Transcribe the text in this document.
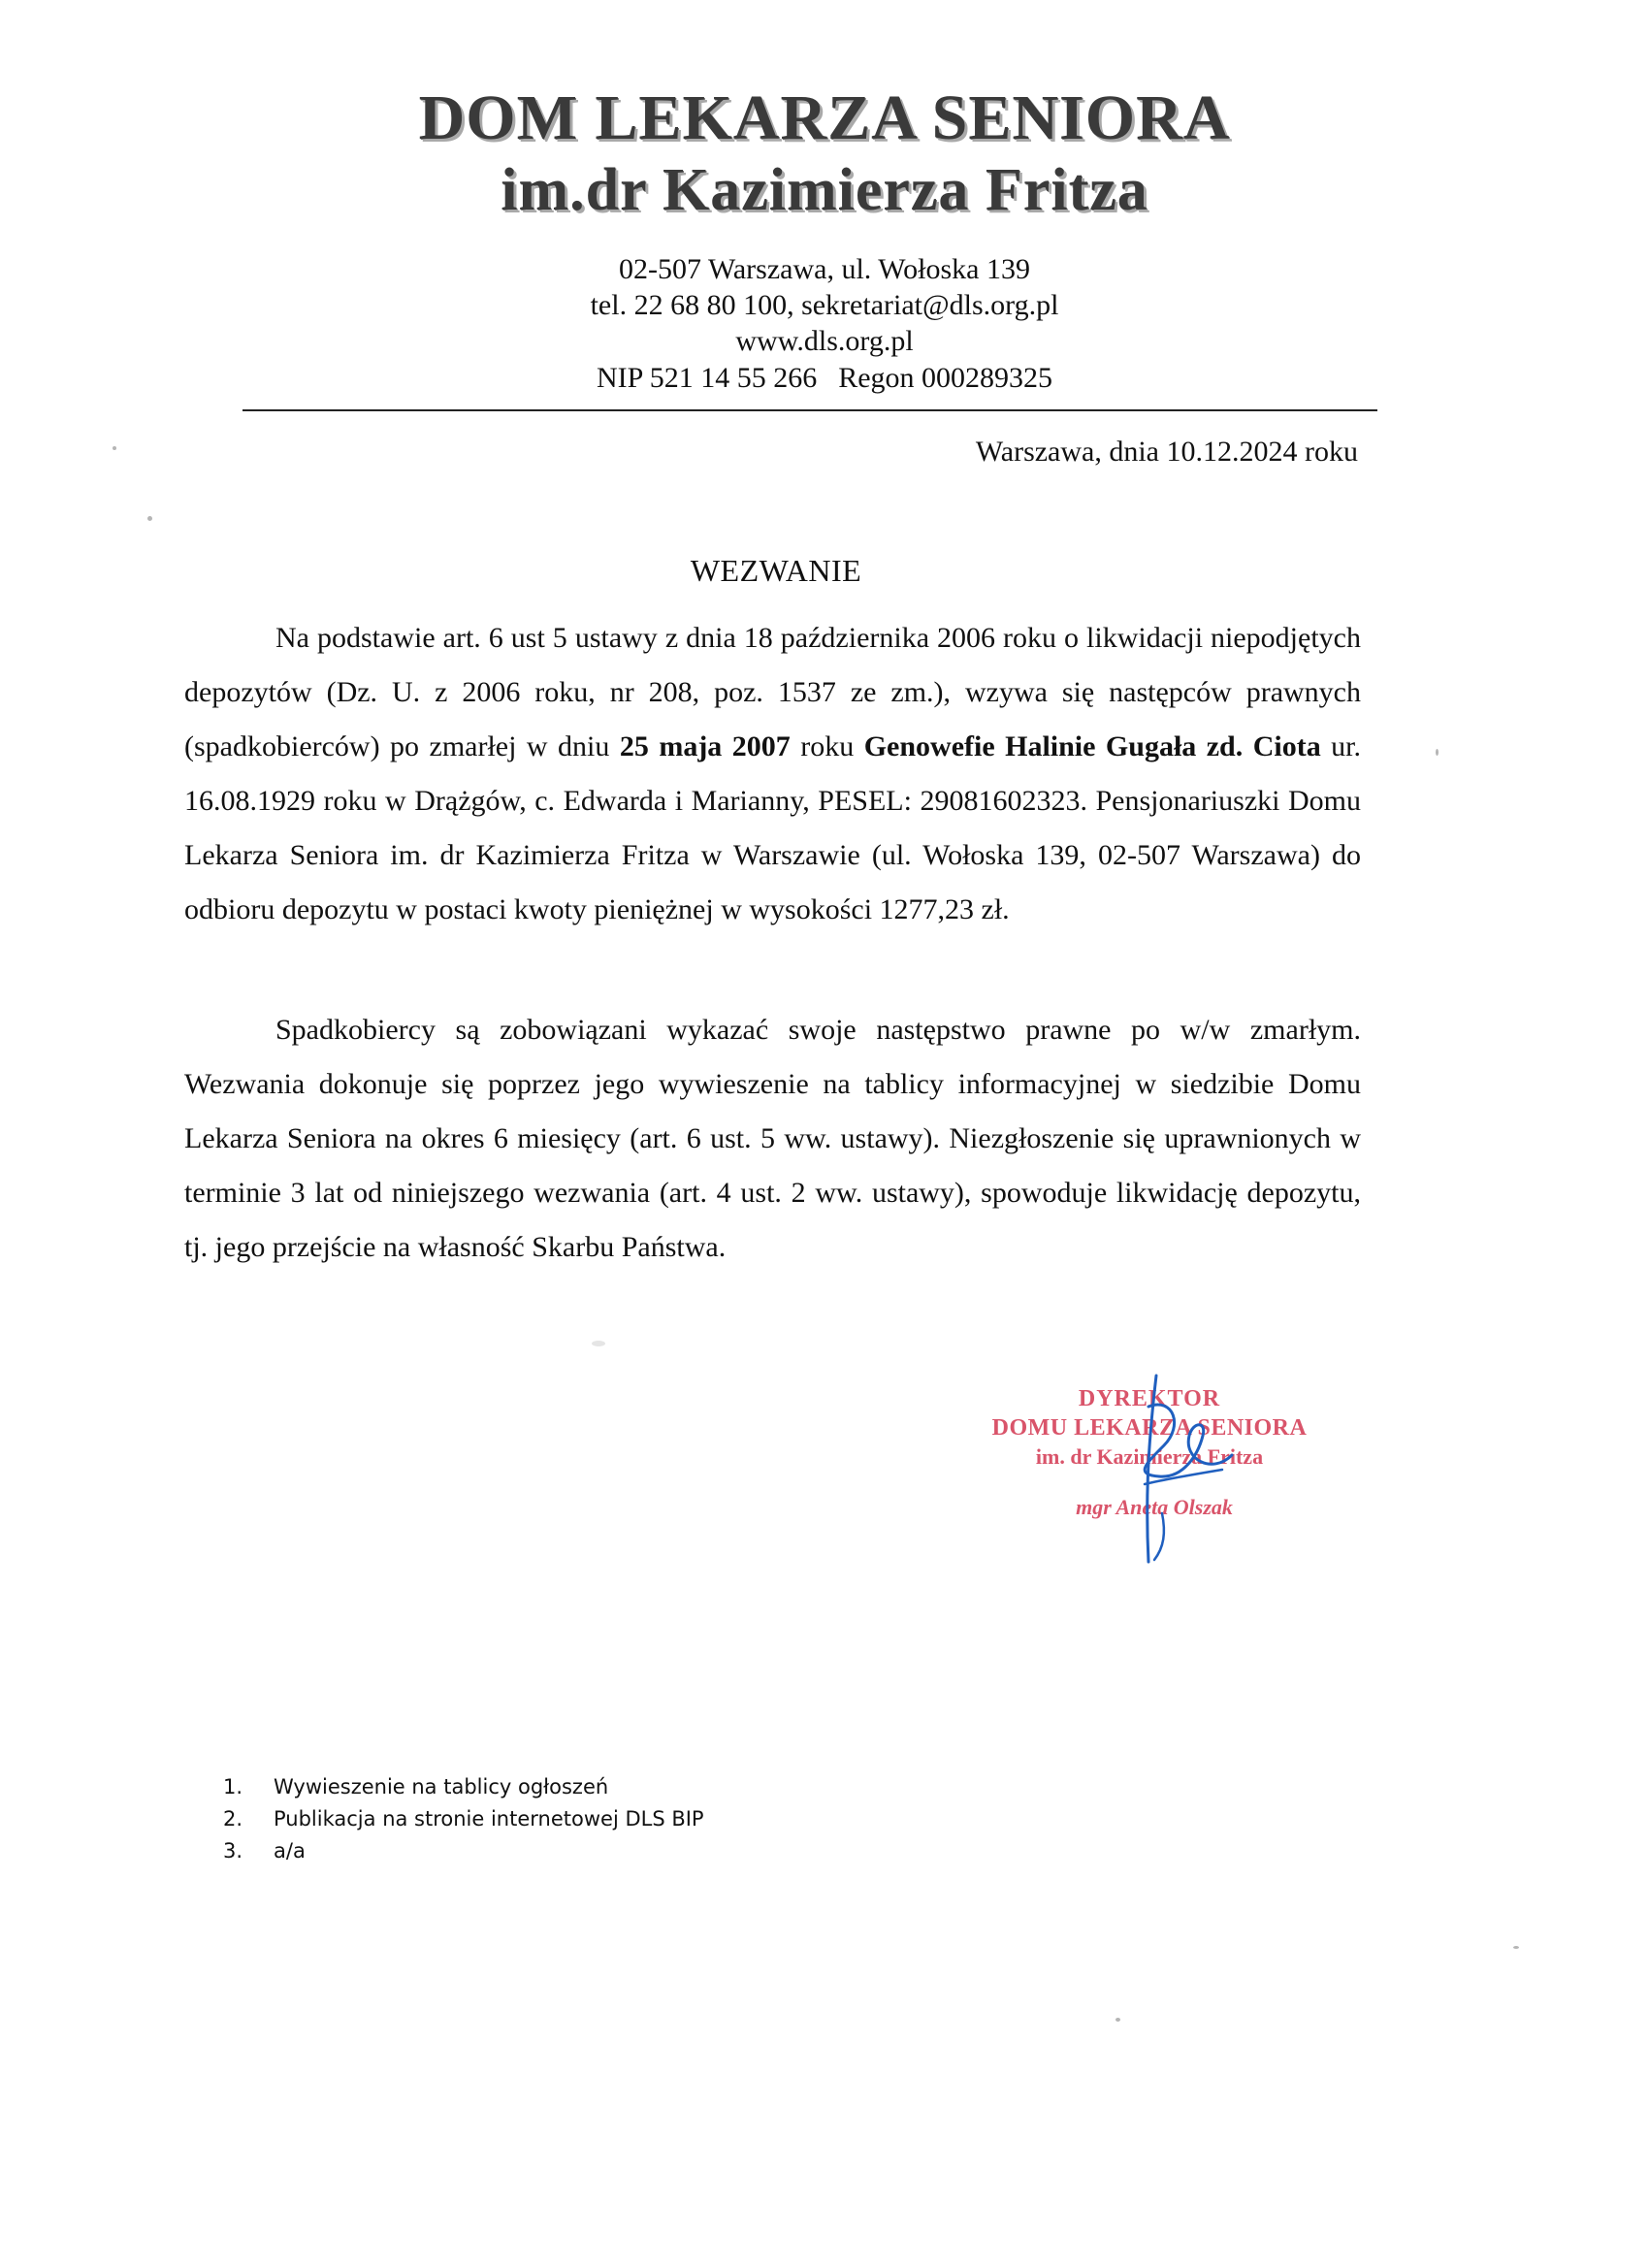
DOM LEKARZA SENIORA
im.dr Kazimierza Fritza
02-507 Warszawa, ul. Wołoska 139
tel. 22 68 80 100, sekretariat@dls.org.pl
www.dls.org.pl
NIP 521 14 55 266 Regon 000289325
Warszawa, dnia 10.12.2024 roku
WEZWANIE

Na podstawie art. 6 ust 5 ustawy z dnia 18 października 2006 roku o likwidacji niepodjętych depozytów (Dz. U. z 2006 roku, nr 208, poz. 1537 ze zm.), wzywa się następców prawnych (spadkobierców) po zmarłej w dniu 25 maja 2007 roku Genowefie Halinie Gugała zd. Ciota ur. 16.08.1929 roku w Drążgów, c. Edwarda i Marianny, PESEL: 29081602323. Pensjonariuszki Domu Lekarza Seniora im. dr Kazimierza Fritza w Warszawie (ul. Wołoska 139, 02-507 Warszawa) do odbioru depozytu w postaci kwoty pieniężnej w wysokości 1277,23 zł.

Spadkobiercy są zobowiązani wykazać swoje następstwo prawne po w/w zmarłym. Wezwania dokonuje się poprzez jego wywieszenie na tablicy informacyjnej w siedzibie Domu Lekarza Seniora na okres 6 miesięcy (art. 6 ust. 5 ww. ustawy). Niezgłoszenie się uprawnionych w terminie 3 lat od niniejszego wezwania (art. 4 ust. 2 ww. ustawy), spowoduje likwidację depozytu, tj. jego przejście na własność Skarbu Państwa.

DYREKTOR
DOMU LEKARZA SENIORA
im. dr Kazimierza Fritza
mgr Aneta Olszak
1.	Wywieszenie na tablicy ogłoszeń
2.	Publikacja na stronie internetowej DLS BIP
3.	a/a
